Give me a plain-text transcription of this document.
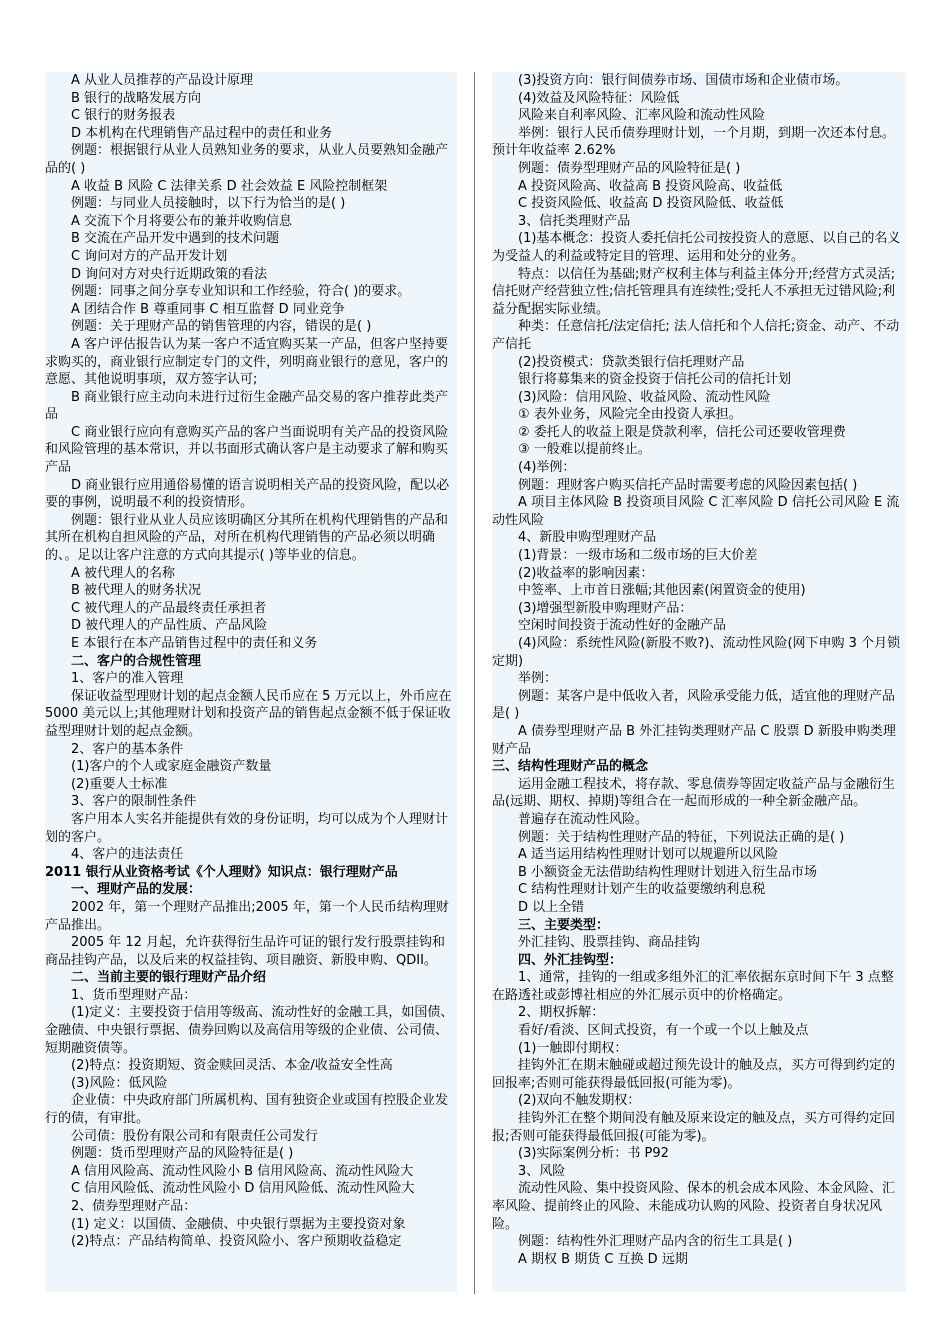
A 从业人员推荐的产品设计原理

B 银行的战略发展方向

C 银行的财务报表

D 本机构在代理销售产品过程中的责任和业务

例题：根据银行从业人员熟知业务的要求，从业人员要熟知金融产品的( )

A 收益 B 风险 C 法律关系 D 社会效益 E 风险控制框架

例题：与同业人员接触时，以下行为恰当的是( )

A 交流下个月将要公布的兼并收购信息

B 交流在产品开发中遇到的技术问题

C 询问对方的产品开发计划

D 询问对方对央行近期政策的看法

例题：同事之间分享专业知识和工作经验，符合( )的要求。

A 团结合作 B 尊重同事 C 相互监督 D 同业竞争

例题：关于理财产品的销售管理的内容，错误的是( )

A 客户评估报告认为某一客户不适宜购买某一产品，但客户坚持要求购买的，商业银行应制定专门的文件，列明商业银行的意见，客户的意愿、其他说明事项，双方签字认可;

B 商业银行应主动向未进行过衍生金融产品交易的客户推荐此类产品

C 商业银行应向有意购买产品的客户当面说明有关产品的投资风险和风险管理的基本常识，并以书面形式确认客户是主动要求了解和购买产品

D 商业银行应用通俗易懂的语言说明相关产品的投资风险，配以必要的事例，说明最不利的投资情形。

例题：银行业从业人员应该明确区分其所在机构代理销售的产品和其所在机构自担风险的产品，对所在机构代理销售的产品必须以明确的、。足以让客户注意的方式向其提示( )等毕业的信息。

A 被代理人的名称

B 被代理人的财务状况

C 被代理人的产品最终责任承担者

D 被代理人的产品性质、产品风险

E 本银行在本产品销售过程中的责任和义务

二、客户的合规性管理

1、客户的准入管理

保证收益型理财计划的起点金额人民币应在 5 万元以上，外币应在 5000 美元以上;其他理财计划和投资产品的销售起点金额不低于保证收益型理财计划的起点金额。

2、客户的基本条件

(1)客户的个人或家庭金融资产数量

(2)重要人士标准

3、客户的限制性条件

客户用本人实名并能提供有效的身份证明，均可以成为个人理财计划的客户。

4、客户的违法责任

2011 银行从业资格考试《个人理财》知识点：银行理财产品

一、理财产品的发展：

2002 年，第一个理财产品推出;2005 年，第一个人民币结构理财产品推出。

2005 年 12 月起，允许获得衍生品许可证的银行发行股票挂钩和商品挂钩产品，以及后来的权益挂钩、项目融资、新股申购、QDII。

二、当前主要的银行理财产品介绍

1、货币型理财产品：

(1)定义：主要投资于信用等级高、流动性好的金融工具，如国债、金融债、中央银行票据、债券回购以及高信用等级的企业债、公司债、短期融资债等。

(2)特点：投资期短、资金赎回灵活、本金/收益安全性高

(3)风险：低风险

企业债：中央政府部门所属机构、国有独资企业或国有控股企业发行的债，有审批。

公司债：股份有限公司和有限责任公司发行

例题：货币型理财产品的风险特征是( )

A 信用风险高、流动性风险小 B 信用风险高、流动性风险大

C 信用风险低、流动性风险小 D 信用风险低、流动性风险大

2、债券型理财产品：

(1) 定义：以国债、金融债、中央银行票据为主要投资对象

(2)特点：产品结构简单、投资风险小、客户预期收益稳定

(3)投资方向：银行间债券市场、国债市场和企业债市场。

(4)效益及风险特征：风险低

风险来自利率风险、汇率风险和流动性风险

举例：银行人民币债券理财计划，一个月期，到期一次还本付息。预计年收益率 2.62%

例题：债券型理财产品的风险特征是( )

A 投资风险高、收益高 B 投资风险高、收益低

C 投资风险低、收益高 D 投资风险低、收益低

3、信托类理财产品

(1)基本概念：投资人委托信托公司按投资人的意愿、以自己的名义为受益人的利益或特定目的管理、运用和处分的业务。

特点：以信任为基础;财产权利主体与利益主体分开;经营方式灵活;信托财产经营独立性;信托管理具有连续性;受托人不承担无过错风险;利益分配据实际业绩。

种类：任意信托/法定信托; 法人信托和个人信托;资金、动产、不动产信托

(2)投资模式：贷款类银行信托理财产品

银行将募集来的资金投资于信托公司的信托计划

(3)风险：信用风险、收益风险、流动性风险

① 表外业务，风险完全由投资人承担。

② 委托人的收益上限是贷款利率，信托公司还要收管理费

③ 一般难以提前终止。

(4)举例：

例题：理财客户购买信托产品时需要考虑的风险因素包括( )

A 项目主体风险 B 投资项目风险 C 汇率风险 D 信托公司风险 E 流动性风险

4、新股申购型理财产品

(1)背景：一级市场和二级市场的巨大价差

(2)收益率的影响因素：

中签率、上市首日涨幅;其他因素(闲置资金的使用)

(3)增强型新股申购理财产品：

空闲时间投资于流动性好的金融产品

(4)风险：系统性风险(新股不败?)、流动性风险(网下申购 3 个月锁定期)

举例：

例题：某客户是中低收入者，风险承受能力低，适宜他的理财产品是( )

A 债券型理财产品 B 外汇挂钩类理财产品 C 股票 D 新股申购类理财产品

三、结构性理财产品的概念

运用金融工程技术，将存款、零息债券等固定收益产品与金融衍生品(远期、期权、掉期)等组合在一起而形成的一种全新金融产品。

普遍存在流动性风险。

例题：关于结构性理财产品的特征，下列说法正确的是( )

A 适当运用结构性理财计划可以规避所以风险

B 小额资金无法借助结构性理财计划进入衍生品市场

C 结构性理财计划产生的收益要缴纳利息税

D 以上全错

三、主要类型：

外汇挂钩、股票挂钩、商品挂钩

四、外汇挂钩型：

1、通常，挂钩的一组或多组外汇的汇率依据东京时间下午 3 点整在路透社或彭博社相应的外汇展示页中的价格确定。

2、期权拆解：

看好/看淡、区间式投资，有一个或一个以上触及点

(1)一触即付期权：

挂钩外汇在期末触碰或超过预先设计的触及点，买方可得到约定的回报率;否则可能获得最低回报(可能为零)。

(2)双向不触发期权：

挂钩外汇在整个期间没有触及原来设定的触及点，买方可得约定回报;否则可能获得最低回报(可能为零)。

(3)实际案例分析：书 P92

3、风险

流动性风险、集中投资风险、保本的机会成本风险、本金风险、汇率风险、提前终止的风险、未能成功认购的风险、投资者自身状况风险。

例题：结构性外汇理财产品内含的衍生工具是( )

A 期权 B 期货 C 互换 D 远期
